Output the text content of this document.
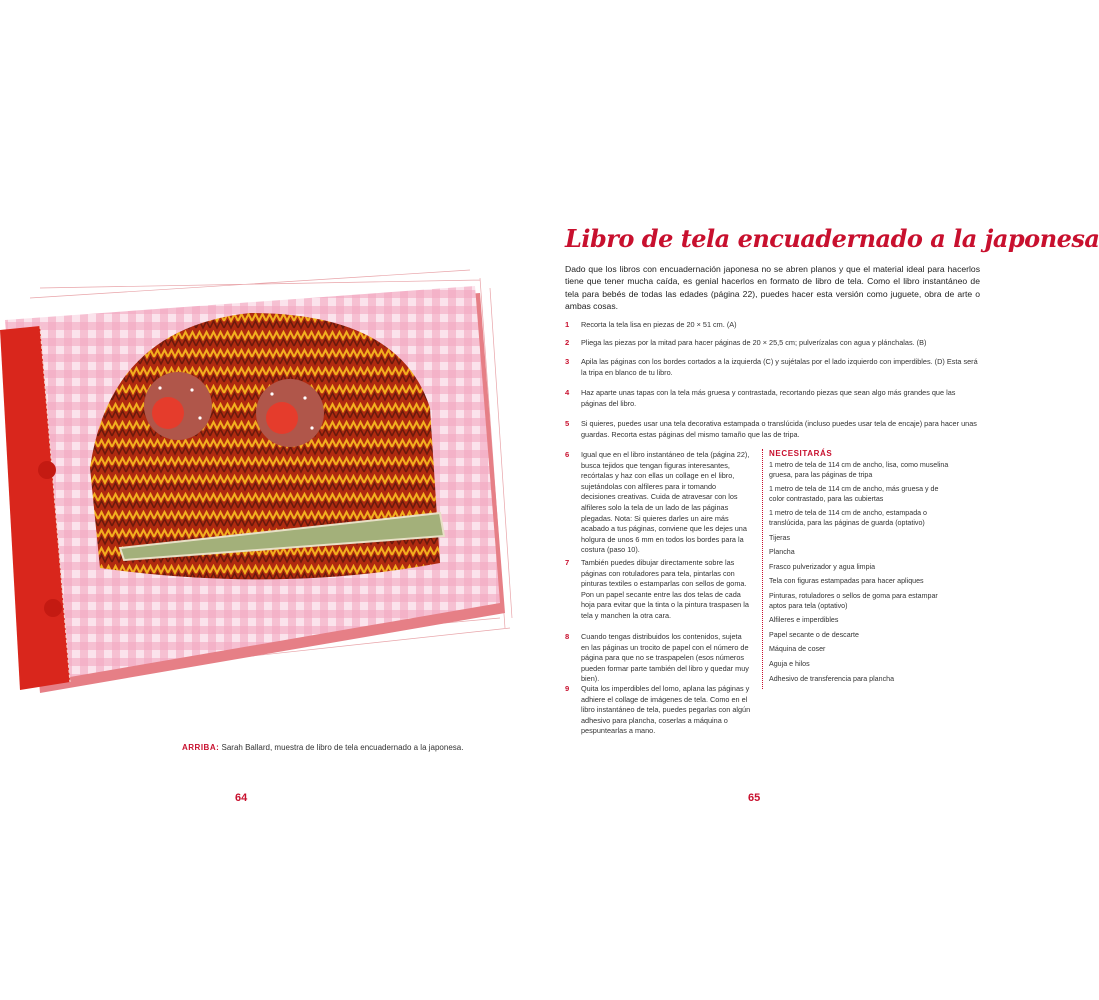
ARRIBA: Sarah Ballard, muestra de libro de tela encuadernado a la japonesa.
64
Libro de tela encuadernado a la japonesa
Dado que los libros con encuadernación japonesa no se abren planos y que el material ideal para hacerlos tiene que tener mucha caída, es genial hacerlos en formato de libro de tela. Como el libro instantáneo de tela para bebés de todas las edades (página 22), puedes hacer esta versión como juguete, obra de arte o ambas cosas.
1 Recorta la tela lisa en piezas de 20 × 51 cm. (A)
2 Pliega las piezas por la mitad para hacer páginas de 20 × 25,5 cm; pulverízalas con agua y plánchalas. (B)
3 Apila las páginas con los bordes cortados a la izquierda (C) y sujétalas por el lado izquierdo con imperdibles. (D) Esta será la tripa en blanco de tu libro.
4 Haz aparte unas tapas con la tela más gruesa y contrastada, recortando piezas que sean algo más grandes que las páginas del libro.
5 Si quieres, puedes usar una tela decorativa estampada o translúcida (incluso puedes usar tela de encaje) para hacer unas guardas. Recorta estas páginas del mismo tamaño que las de tripa.
6 Igual que en el libro instantáneo de tela (página 22), busca tejidos que tengan figuras interesantes, recórtalas y haz con ellas un collage en el libro, sujetándolas con alfileres para ir tomando decisiones creativas. Cuida de atravesar con los alfileres solo la tela de un lado de las páginas plegadas. Nota: Si quieres darles un aire más acabado a tus páginas, conviene que les dejes una holgura de unos 6 mm en todos los bordes para la costura (paso 10).
7 También puedes dibujar directamente sobre las páginas con rotuladores para tela, pintarlas con pinturas textiles o estamparlas con sellos de goma. Pon un papel secante entre las dos telas de cada hoja para evitar que la tinta o la pintura traspasen la tela y manchen la otra cara.
8 Cuando tengas distribuidos los contenidos, sujeta en las páginas un trocito de papel con el número de página para que no se traspapelen (esos números pueden formar parte también del libro y quedar muy bien).
9 Quita los imperdibles del lomo, aplana las páginas y adhiere el collage de imágenes de tela. Como en el libro instantáneo de tela, puedes pegarlas con algún adhesivo para plancha, coserlas a máquina o pespuntearlas a mano.
NECESITARÁS
1 metro de tela de 114 cm de ancho, lisa, como muselina gruesa, para las páginas de tripa
1 metro de tela de 114 cm de ancho, más gruesa y de color contrastado, para las cubiertas
1 metro de tela de 114 cm de ancho, estampada o translúcida, para las páginas de guarda (optativo)
Tijeras
Plancha
Frasco pulverizador y agua limpia
Tela con figuras estampadas para hacer apliques
Pinturas, rotuladores o sellos de goma para estampar aptos para tela (optativo)
Alfileres e imperdibles
Papel secante o de descarte
Máquina de coser
Aguja e hilos
Adhesivo de transferencia para plancha
65
